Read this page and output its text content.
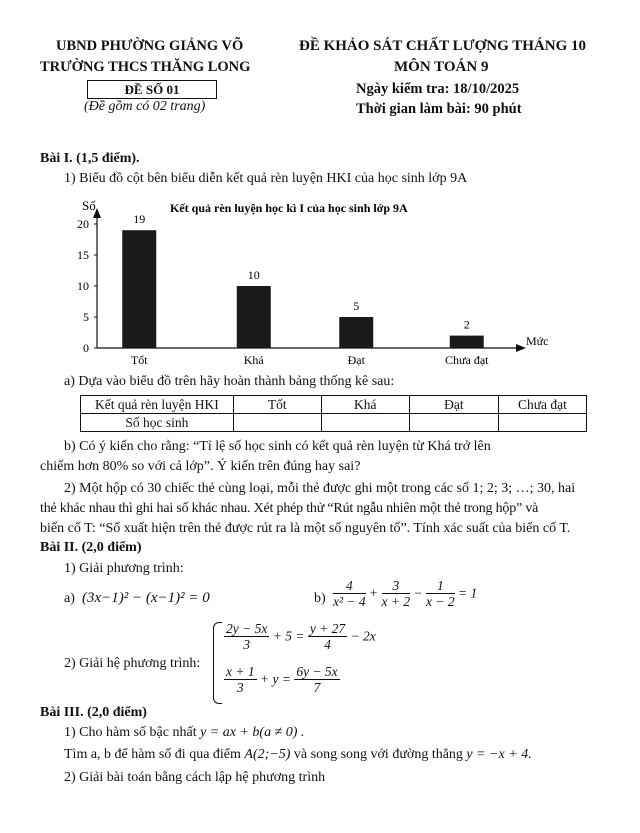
UBND PHƯỜNG GIẢNG VÕ
TRƯỜNG THCS THĂNG LONG
ĐỀ SỐ 01
(Đề gồm có 02 trang)
ĐỀ KHẢO SÁT CHẤT LƯỢNG THÁNG 10
MÔN TOÁN 9
Ngày kiểm tra: 18/10/2025
Thời gian làm bài: 90 phút
Bài I. (1,5 điểm).
1) Biểu đồ cột bên biểu diễn kết quả rèn luyện HKI của học sinh lớp 9A
Số	Kết quả rèn luyện học kì I của học sinh lớp 9A
Mức
0
5
10
15
20	19
Tốt
10
Khá
5
Đạt
2
Chưa đạt
a) Dựa vào biểu đồ trên hãy hoàn thành bảng thống kê sau:
Kết quả rèn luyện HKI	Tốt	Khá	Đạt	Chưa đạt
Số học sinh				
b) Có ý kiến cho rằng: “Tỉ lệ số học sinh có kết quả rèn luyện từ Khá trở lên
chiếm hơn 80% so với cả lớp”. Ý kiến trên đúng hay sai?
2) Một hộp có 30 chiếc thẻ cùng loại, mỗi thẻ được ghi một trong các số 1; 2; 3; …; 30, hai
thẻ khác nhau thì ghi hai số khác nhau. Xét phép thử “Rút ngẫu nhiên một thẻ trong hộp” và
biến cố T: “Số xuất hiện trên thẻ được rút ra là một số nguyên tố”. Tính xác suất của biến cố T.
Bài II. (2,0 điểm)
1) Giải phương trình:
a) (3x−1)² − (x−1)² = 0	$b) \frac{4}{\text{x² − 4}} + \frac{3}{x + 2} - \frac{1}{x - 2} = 1$
2) Giải hệ phương trình:
$\frac{2y - 5x}{3} + 5 = \frac{y + 27}{4} - 2x$
$\frac{x + 1}{3} + y = \frac{6y - 5x}{7}$
Bài III. (2,0 điểm)
1) Cho hàm số bậc nhất y = ax + b(a ≠ 0) .
Tìm a, b để hàm số đi qua điểm A(2;−5) và song song với đường thẳng y = −x + 4.
2) Giải bài toán bằng cách lập hệ phương trình
